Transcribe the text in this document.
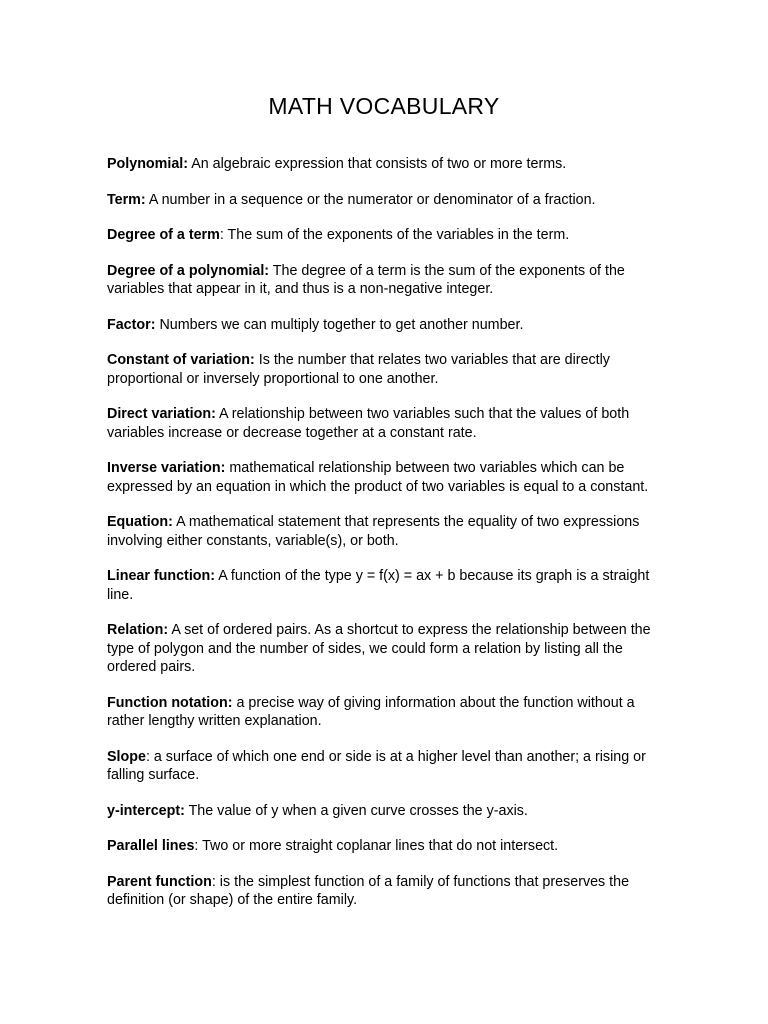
MATH VOCABULARY

Polynomial: An algebraic expression that consists of two or more terms.

Term: A number in a sequence or the numerator or denominator of a fraction.

Degree of a term: The sum of the exponents of the variables in the term.

Degree of a polynomial: The degree of a term is the sum of the exponents of the variables that appear in it, and thus is a non-negative integer.

Factor: Numbers we can multiply together to get another number.

Constant of variation: Is the number that relates two variables that are directly proportional or inversely proportional to one another.

Direct variation: A relationship between two variables such that the values of both variables increase or decrease together at a constant rate.

Inverse variation: mathematical relationship between two variables which can be expressed by an equation in which the product of two variables is equal to a constant.

Equation: A mathematical statement that represents the equality of two expressions involving either constants, variable(s), or both.

Linear function: A function of the type y = f(x) = ax + b because its graph is a straight line.

Relation: A set of ordered pairs. As a shortcut to express the relationship between the type of polygon and the number of sides, we could form a relation by listing all the ordered pairs.

Function notation: a precise way of giving information about the function without a rather lengthy written explanation.

Slope: a surface of which one end or side is at a higher level than another; a rising or falling surface.

y-intercept: The value of y when a given curve crosses the y-axis.

Parallel lines: Two or more straight coplanar lines that do not intersect.

Parent function: is the simplest function of a family of functions that preserves the definition (or shape) of the entire family.
